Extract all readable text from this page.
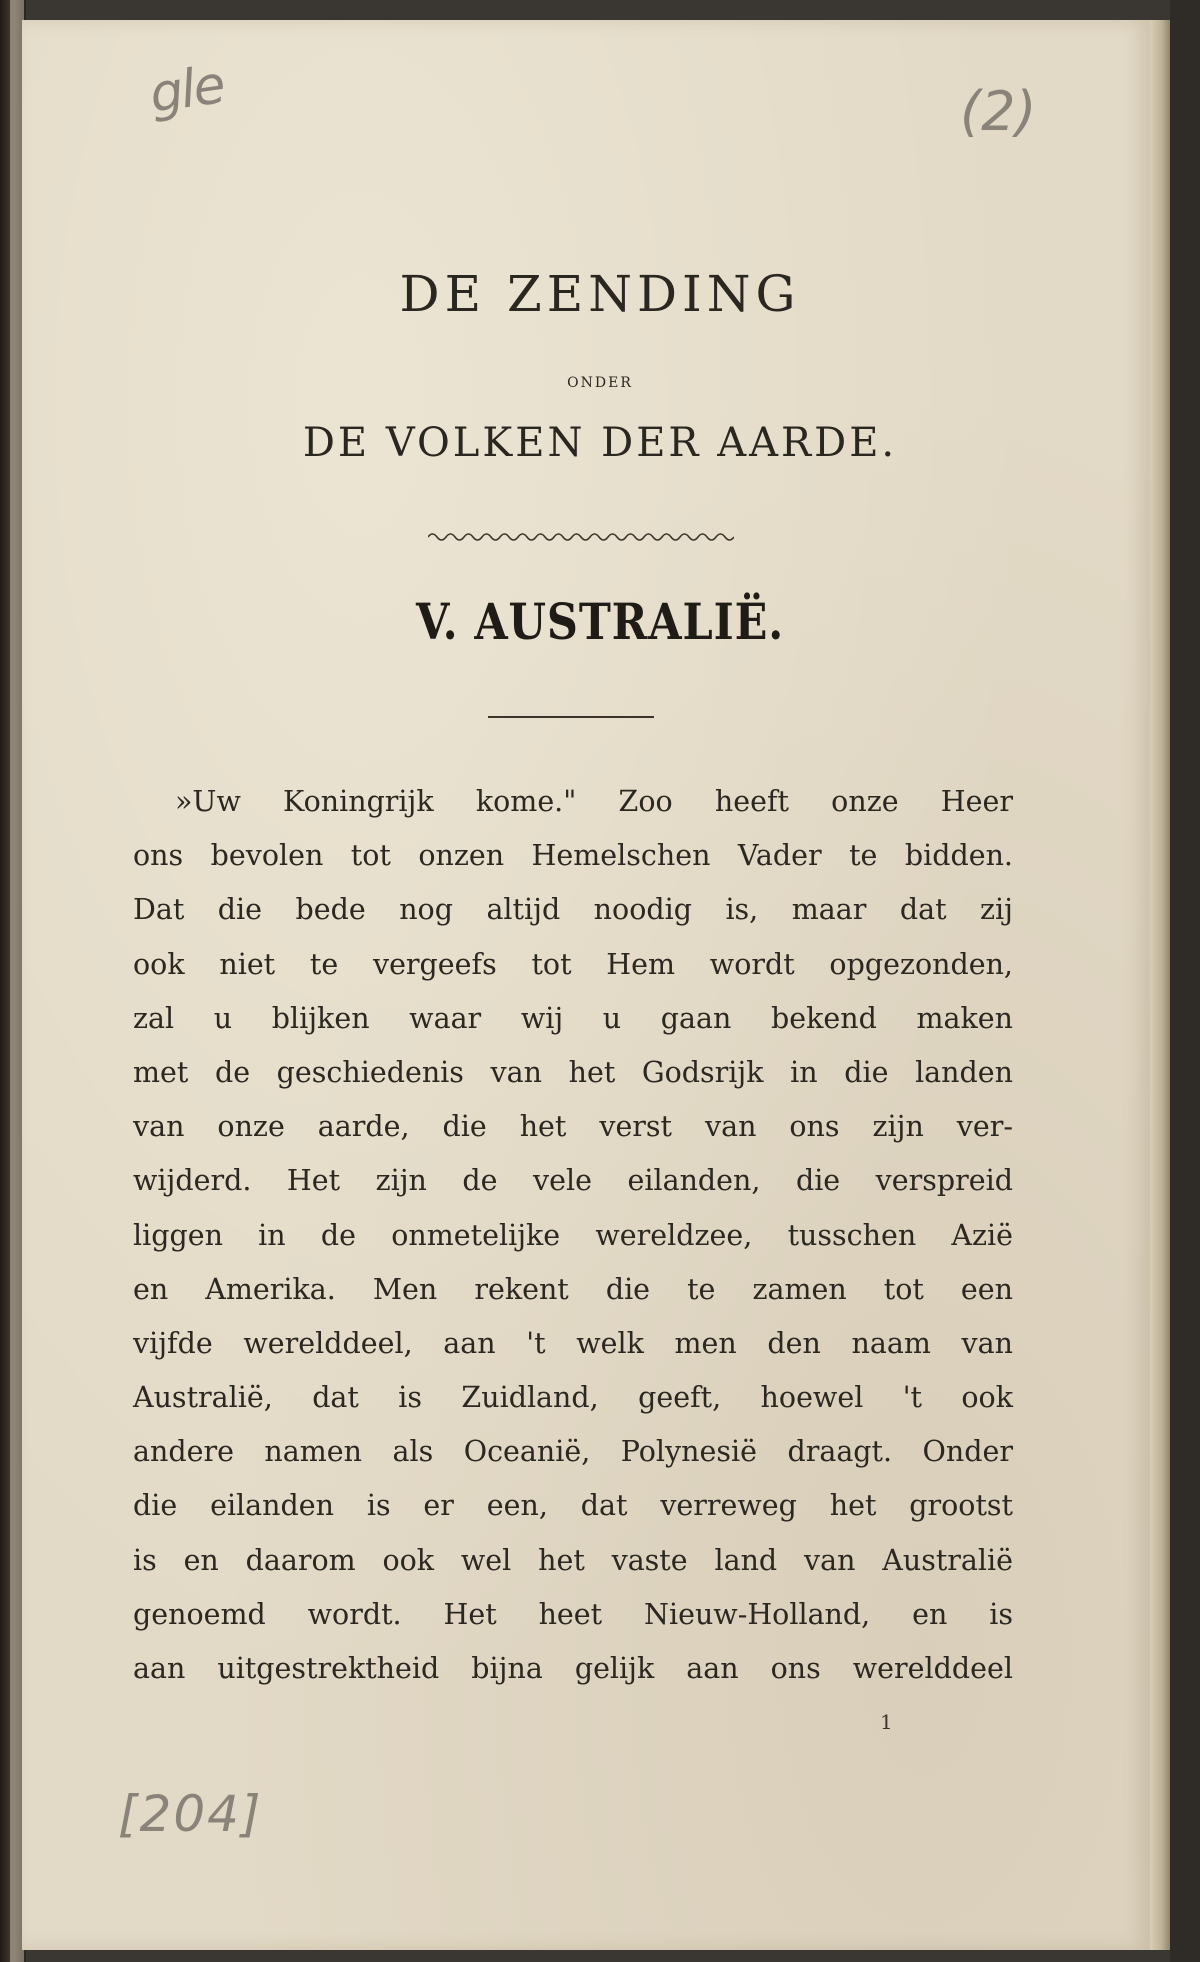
gle	(2)
DE ZENDING
ONDER
DE VOLKEN DER AARDE.
V. AUSTRALIË.
»Uw Koningrijk kome." Zoo heeft onze Heer
ons bevolen tot onzen Hemelschen Vader te bidden.
Dat die bede nog altijd noodig is, maar dat zij
ook niet te vergeefs tot Hem wordt opgezonden,
zal u blijken waar wij u gaan bekend maken
met de geschiedenis van het Godsrijk in die landen
van onze aarde, die het verst van ons zijn ver-
wijderd. Het zijn de vele eilanden, die verspreid
liggen in de onmetelijke wereldzee, tusschen Azië
en Amerika. Men rekent die te zamen tot een
vijfde werelddeel, aan 't welk men den naam van
Australië, dat is Zuidland, geeft, hoewel 't ook
andere namen als Oceanië, Polynesië draagt. Onder
die eilanden is er een, dat verreweg het grootst
is en daarom ook wel het vaste land van Australië
genoemd wordt. Het heet Nieuw-Holland, en is
aan uitgestrektheid bijna gelijk aan ons werelddeel
1
[204]
